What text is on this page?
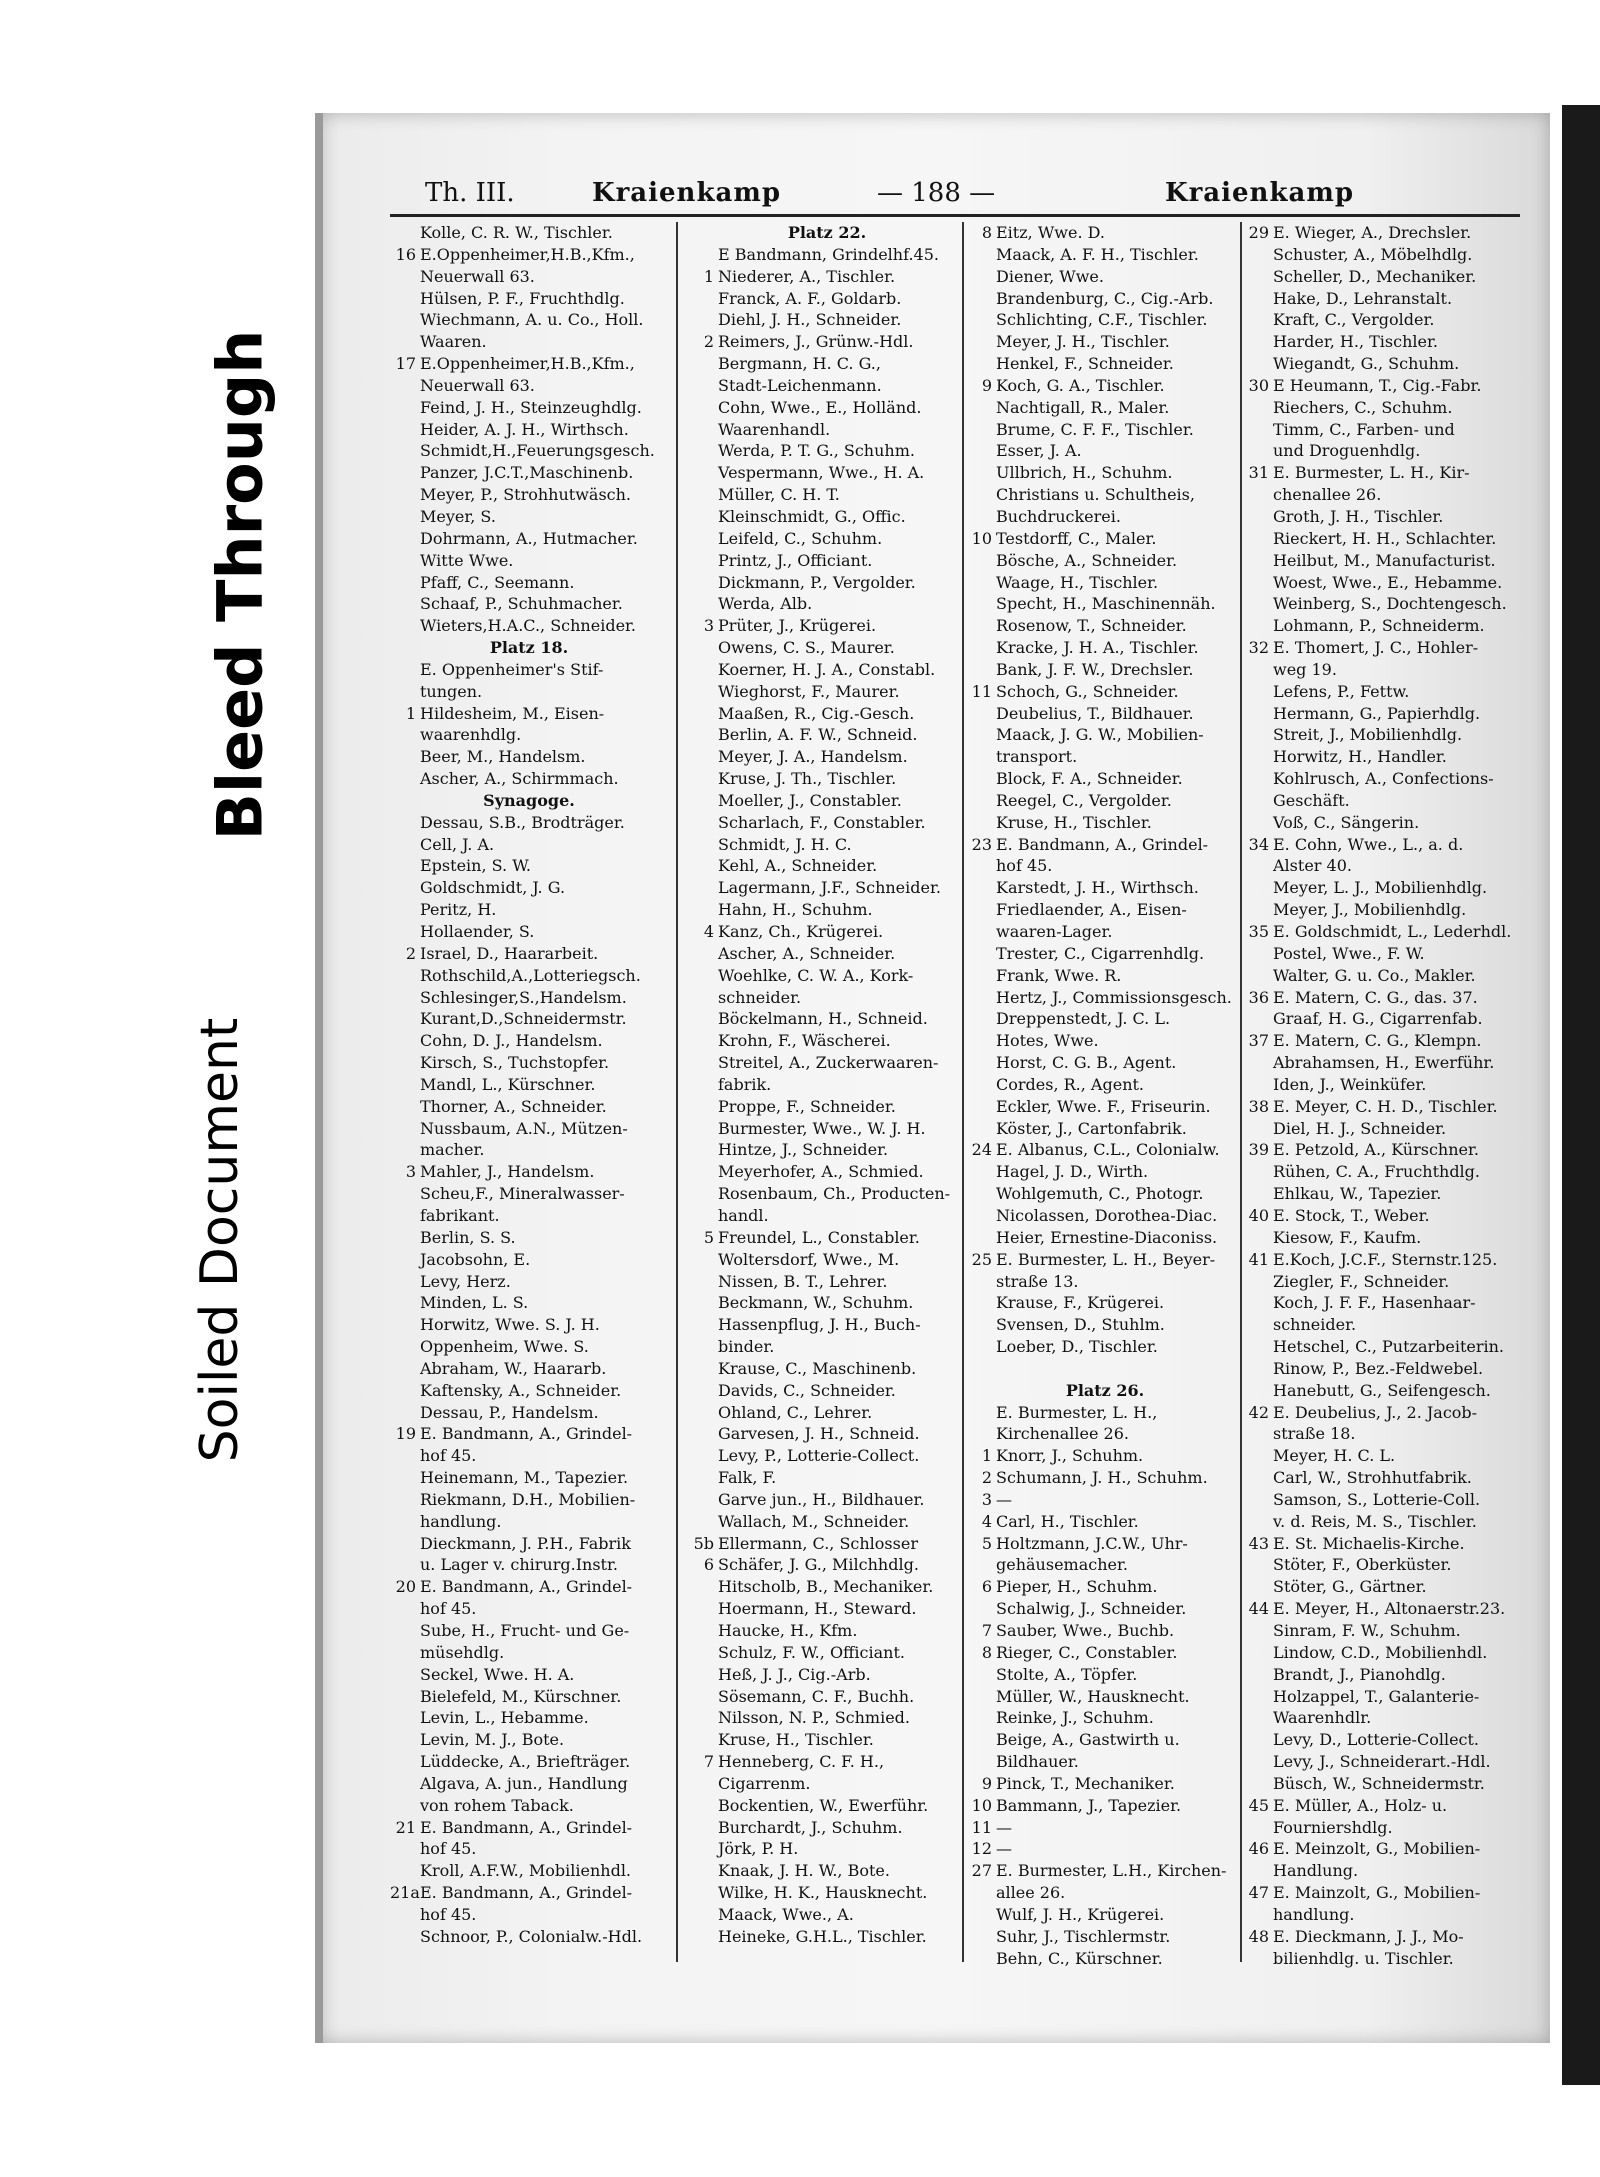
Bleed Through
Soiled Document
Th. III.	Kraienkamp	— 188 —	Kraienkamp
Kolle, C. R. W., Tischler.
16 E.Oppenheimer,H.B.,Kfm.,
Neuerwall 63.
Hülsen, P. F., Fruchthdlg.
Wiechmann, A. u. Co., Holl.
Waaren.
17 E.Oppenheimer,H.B.,Kfm.,
Neuerwall 63.
Feind, J. H., Steinzeughdlg.
Heider, A. J. H., Wirthsch.
Schmidt,H.,Feuerungsgesch.
Panzer, J.C.T.,Maschinenb.
Meyer, P., Strohhutwäsch.
Meyer, S.
Dohrmann, A., Hutmacher.
Witte Wwe.
Pfaff, C., Seemann.
Schaaf, P., Schuhmacher.
Wieters,H.A.C., Schneider.
Platz 18.
E. Oppenheimer's Stif-
tungen.
1 Hildesheim, M., Eisen-
waarenhdlg.
Beer, M., Handelsm.
Ascher, A., Schirmmach.
Synagoge.
Dessau, S.B., Brodträger.
Cell, J. A.
Epstein, S. W.
Goldschmidt, J. G.
Peritz, H.
Hollaender, S.
2 Israel, D., Haararbeit.
Rothschild,A.,Lotteriegsch.
Schlesinger,S.,Handelsm.
Kurant,D.,Schneidermstr.
Cohn, D. J., Handelsm.
Kirsch, S., Tuchstopfer.
Mandl, L., Kürschner.
Thorner, A., Schneider.
Nussbaum, A.N., Mützen-
macher.
3 Mahler, J., Handelsm.
Scheu,F., Mineralwasser-
fabrikant.
Berlin, S. S.
Jacobsohn, E.
Levy, Herz.
Minden, L. S.
Horwitz, Wwe. S. J. H.
Oppenheim, Wwe. S.
Abraham, W., Haararb.
Kaftensky, A., Schneider.
Dessau, P., Handelsm.
19 E. Bandmann, A., Grindel-
hof 45.
Heinemann, M., Tapezier.
Riekmann, D.H., Mobilien-
handlung.
Dieckmann, J. P.H., Fabrik
u. Lager v. chirurg.Instr.
20 E. Bandmann, A., Grindel-
hof 45.
Sube, H., Frucht- und Ge-
müsehdlg.
Seckel, Wwe. H. A.
Bielefeld, M., Kürschner.
Levin, L., Hebamme.
Levin, M. J., Bote.
Lüddecke, A., Briefträger.
Algava, A. jun., Handlung
von rohem Taback.
21 E. Bandmann, A., Grindel-
hof 45.
Kroll, A.F.W., Mobilienhdl.
21aE. Bandmann, A., Grindel-
hof 45.
Schnoor, P., Colonialw.-Hdl.
Platz 22.
E Bandmann, Grindelhf.45.
1 Niederer, A., Tischler.
Franck, A. F., Goldarb.
Diehl, J. H., Schneider.
2 Reimers, J., Grünw.-Hdl.
Bergmann, H. C. G.,
Stadt-Leichenmann.
Cohn, Wwe., E., Holländ.
Waarenhandl.
Werda, P. T. G., Schuhm.
Vespermann, Wwe., H. A.
Müller, C. H. T.
Kleinschmidt, G., Offic.
Leifeld, C., Schuhm.
Printz, J., Officiant.
Dickmann, P., Vergolder.
Werda, Alb.
3 Prüter, J., Krügerei.
Owens, C. S., Maurer.
Koerner, H. J. A., Constabl.
Wieghorst, F., Maurer.
Maaßen, R., Cig.-Gesch.
Berlin, A. F. W., Schneid.
Meyer, J. A., Handelsm.
Kruse, J. Th., Tischler.
Moeller, J., Constabler.
Scharlach, F., Constabler.
Schmidt, J. H. C.
Kehl, A., Schneider.
Lagermann, J.F., Schneider.
Hahn, H., Schuhm.
4 Kanz, Ch., Krügerei.
Ascher, A., Schneider.
Woehlke, C. W. A., Kork-
schneider.
Böckelmann, H., Schneid.
Krohn, F., Wäscherei.
Streitel, A., Zuckerwaaren-
fabrik.
Proppe, F., Schneider.
Burmester, Wwe., W. J. H.
Hintze, J., Schneider.
Meyerhofer, A., Schmied.
Rosenbaum, Ch., Producten-
handl.
5 Freundel, L., Constabler.
Woltersdorf, Wwe., M.
Nissen, B. T., Lehrer.
Beckmann, W., Schuhm.
Hassenpflug, J. H., Buch-
binder.
Krause, C., Maschinenb.
Davids, C., Schneider.
Ohland, C., Lehrer.
Garvesen, J. H., Schneid.
Levy, P., Lotterie-Collect.
Falk, F.
Garve jun., H., Bildhauer.
Wallach, M., Schneider.
5b Ellermann, C., Schlosser
6 Schäfer, J. G., Milchhdlg.
Hitscholb, B., Mechaniker.
Hoermann, H., Steward.
Haucke, H., Kfm.
Schulz, F. W., Officiant.
Heß, J. J., Cig.-Arb.
Sösemann, C. F., Buchh.
Nilsson, N. P., Schmied.
Kruse, H., Tischler.
7 Henneberg, C. F. H.,
Cigarrenm.
Bockentien, W., Ewerführ.
Burchardt, J., Schuhm.
Jörk, P. H.
Knaak, J. H. W., Bote.
Wilke, H. K., Hausknecht.
Maack, Wwe., A.
Heineke, G.H.L., Tischler.
8 Eitz, Wwe. D.
Maack, A. F. H., Tischler.
Diener, Wwe.
Brandenburg, C., Cig.-Arb.
Schlichting, C.F., Tischler.
Meyer, J. H., Tischler.
Henkel, F., Schneider.
9 Koch, G. A., Tischler.
Nachtigall, R., Maler.
Brume, C. F. F., Tischler.
Esser, J. A.
Ullbrich, H., Schuhm.
Christians u. Schultheis,
Buchdruckerei.
10 Testdorff, C., Maler.
Bösche, A., Schneider.
Waage, H., Tischler.
Specht, H., Maschinennäh.
Rosenow, T., Schneider.
Kracke, J. H. A., Tischler.
Bank, J. F. W., Drechsler.
11 Schoch, G., Schneider.
Deubelius, T., Bildhauer.
Maack, J. G. W., Mobilien-
transport.
Block, F. A., Schneider.
Reegel, C., Vergolder.
Kruse, H., Tischler.
23 E. Bandmann, A., Grindel-
hof 45.
Karstedt, J. H., Wirthsch.
Friedlaender, A., Eisen-
waaren-Lager.
Trester, C., Cigarrenhdlg.
Frank, Wwe. R.
Hertz, J., Commissionsgesch.
Dreppenstedt, J. C. L.
Hotes, Wwe.
Horst, C. G. B., Agent.
Cordes, R., Agent.
Eckler, Wwe. F., Friseurin.
Köster, J., Cartonfabrik.
24 E. Albanus, C.L., Colonialw.
Hagel, J. D., Wirth.
Wohlgemuth, C., Photogr.
Nicolassen, Dorothea-Diac.
Heier, Ernestine-Diaconiss.
25 E. Burmester, L. H., Beyer-
straße 13.
Krause, F., Krügerei.
Svensen, D., Stuhlm.
Loeber, D., Tischler.
Platz 26.
E. Burmester, L. H.,
Kirchenallee 26.
1 Knorr, J., Schuhm.
2 Schumann, J. H., Schuhm.
3 —
4 Carl, H., Tischler.
5 Holtzmann, J.C.W., Uhr-
gehäusemacher.
6 Pieper, H., Schuhm.
Schalwig, J., Schneider.
7 Sauber, Wwe., Buchb.
8 Rieger, C., Constabler.
Stolte, A., Töpfer.
Müller, W., Hausknecht.
Reinke, J., Schuhm.
Beige, A., Gastwirth u.
Bildhauer.
9 Pinck, T., Mechaniker.
10 Bammann, J., Tapezier.
11 —
12 —
27 E. Burmester, L.H., Kirchen-
allee 26.
Wulf, J. H., Krügerei.
Suhr, J., Tischlermstr.
Behn, C., Kürschner.
29 E. Wieger, A., Drechsler.
Schuster, A., Möbelhdlg.
Scheller, D., Mechaniker.
Hake, D., Lehranstalt.
Kraft, C., Vergolder.
Harder, H., Tischler.
Wiegandt, G., Schuhm.
30 E Heumann, T., Cig.-Fabr.
Riechers, C., Schuhm.
Timm, C., Farben- und
und Droguenhdlg.
31 E. Burmester, L. H., Kir-
chenallee 26.
Groth, J. H., Tischler.
Rieckert, H. H., Schlachter.
Heilbut, M., Manufacturist.
Woest, Wwe., E., Hebamme.
Weinberg, S., Dochtengesch.
Lohmann, P., Schneiderm.
32 E. Thomert, J. C., Hohler-
weg 19.
Lefens, P., Fettw.
Hermann, G., Papierhdlg.
Streit, J., Mobilienhdlg.
Horwitz, H., Handler.
Kohlrusch, A., Confections-
Geschäft.
Voß, C., Sängerin.
34 E. Cohn, Wwe., L., a. d.
Alster 40.
Meyer, L. J., Mobilienhdlg.
Meyer, J., Mobilienhdlg.
35 E. Goldschmidt, L., Lederhdl.
Postel, Wwe., F. W.
Walter, G. u. Co., Makler.
36 E. Matern, C. G., das. 37.
Graaf, H. G., Cigarrenfab.
37 E. Matern, C. G., Klempn.
Abrahamsen, H., Ewerführ.
Iden, J., Weinküfer.
38 E. Meyer, C. H. D., Tischler.
Diel, H. J., Schneider.
39 E. Petzold, A., Kürschner.
Rühen, C. A., Fruchthdlg.
Ehlkau, W., Tapezier.
40 E. Stock, T., Weber.
Kiesow, F., Kaufm.
41 E.Koch, J.C.F., Sternstr.125.
Ziegler, F., Schneider.
Koch, J. F. F., Hasenhaar-
schneider.
Hetschel, C., Putzarbeiterin.
Rinow, P., Bez.-Feldwebel.
Hanebutt, G., Seifengesch.
42 E. Deubelius, J., 2. Jacob-
straße 18.
Meyer, H. C. L.
Carl, W., Strohhutfabrik.
Samson, S., Lotterie-Coll.
v. d. Reis, M. S., Tischler.
43 E. St. Michaelis-Kirche.
Stöter, F., Oberküster.
Stöter, G., Gärtner.
44 E. Meyer, H., Altonaerstr.23.
Sinram, F. W., Schuhm.
Lindow, C.D., Mobilienhdl.
Brandt, J., Pianohdlg.
Holzappel, T., Galanterie-
Waarenhdlr.
Levy, D., Lotterie-Collect.
Levy, J., Schneiderart.-Hdl.
Büsch, W., Schneidermstr.
45 E. Müller, A., Holz- u.
Fourniershdlg.
46 E. Meinzolt, G., Mobilien-
Handlung.
47 E. Mainzolt, G., Mobilien-
handlung.
48 E. Dieckmann, J. J., Mo-
bilienhdlg. u. Tischler.
